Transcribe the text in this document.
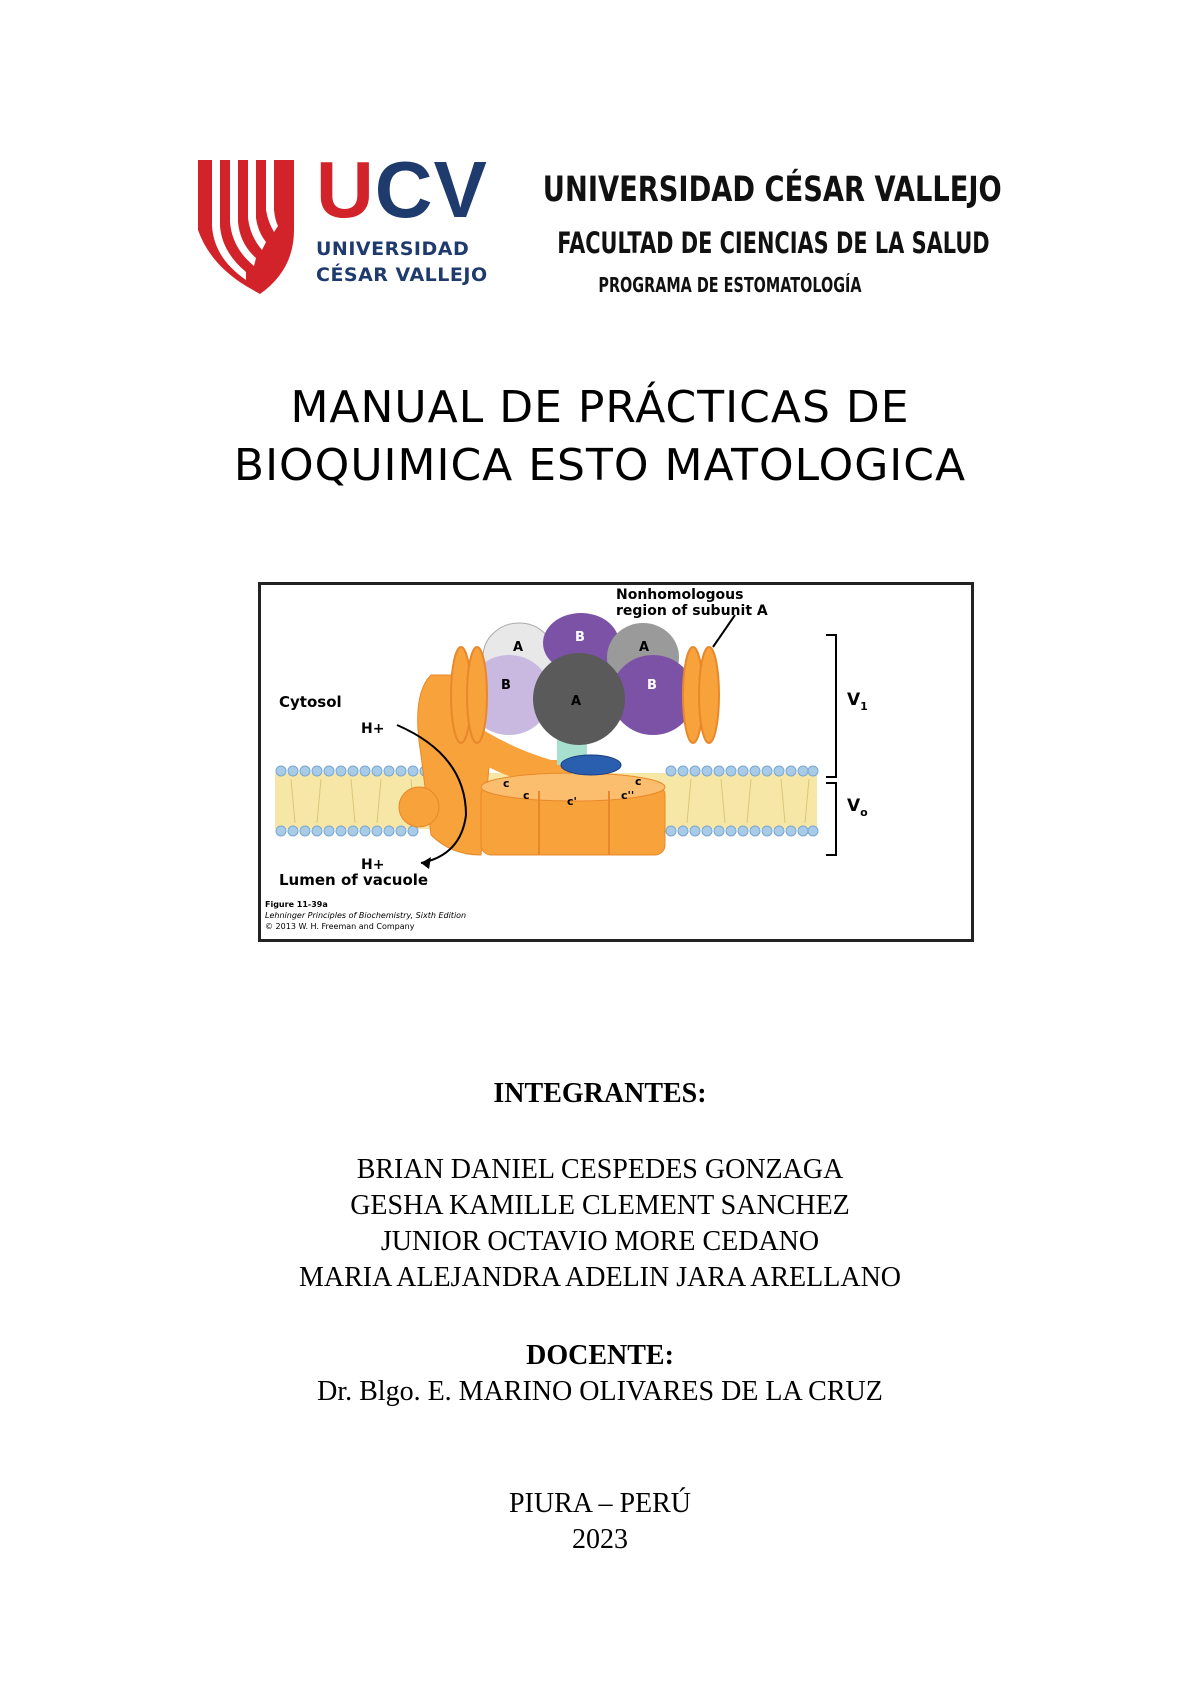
UCV
UNIVERSIDAD
CÉSAR VALLEJO
UNIVERSIDAD CÉSAR VALLEJO
FACULTAD DE CIENCIAS DE LA SALUD
PROGRAMA DE ESTOMATOLOGÍA
MANUAL DE PRÁCTICAS DE
BIOQUIMICA ESTO MATOLOGICA
c
c	c'	c''
c
A
B
A
B
A
B
Nonhomologous
region of subunit A
Cytosol
H+
H+
Lumen of vacuole
$V_1$
$V_o$
Figure 11-39a
Lehninger Principles of Biochemistry, Sixth Edition
© 2013 W. H. Freeman and Company
INTEGRANTES:
BRIAN DANIEL CESPEDES GONZAGA
GESHA KAMILLE CLEMENT SANCHEZ
JUNIOR OCTAVIO MORE CEDANO
MARIA ALEJANDRA ADELIN JARA ARELLANO
DOCENTE:
Dr. Blgo. E. MARINO OLIVARES DE LA CRUZ
PIURA – PERÚ
2023
